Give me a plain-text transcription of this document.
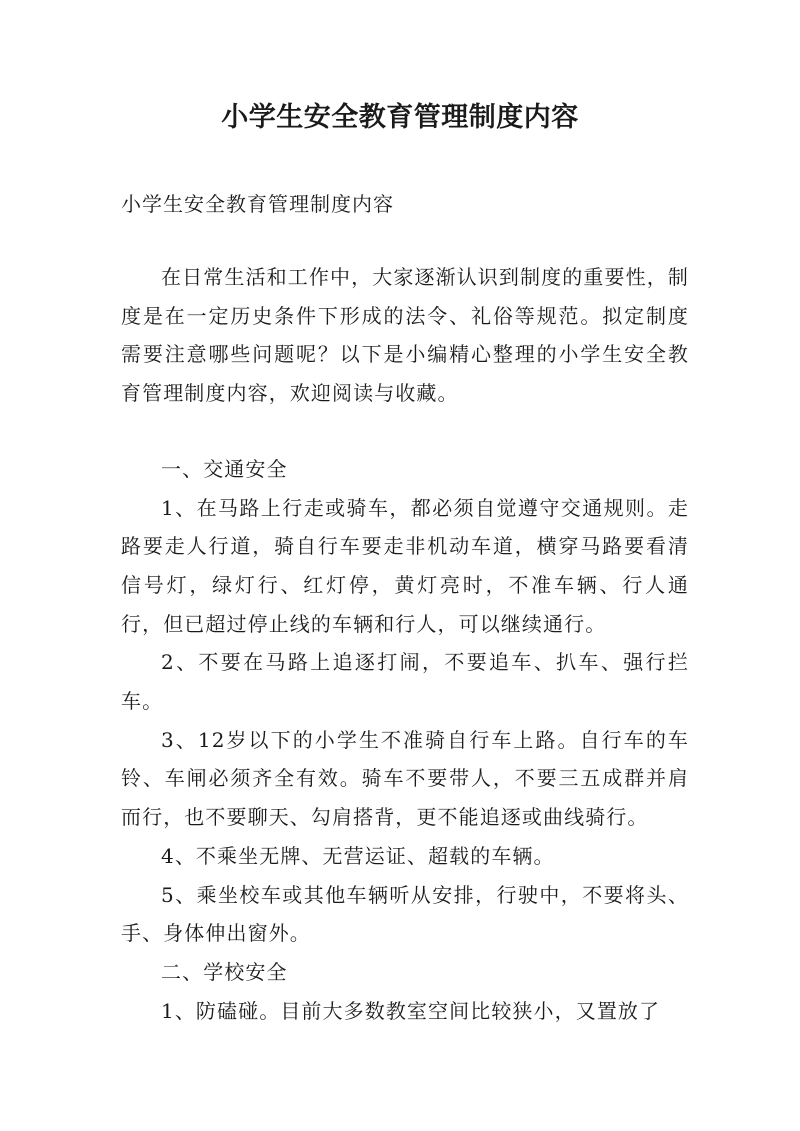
小学生安全教育管理制度内容
小学生安全教育管理制度内容

在日常生活和工作中，大家逐渐认识到制度的重要性，制度是在一定历史条件下形成的法令、礼俗等规范。拟定制度需要注意哪些问题呢？以下是小编精心整理的小学生安全教育管理制度内容，欢迎阅读与收藏。

一、交通安全

1、在马路上行走或骑车，都必须自觉遵守交通规则。走路要走人行道，骑自行车要走非机动车道，横穿马路要看清信号灯，绿灯行、红灯停，黄灯亮时，不准车辆、行人通行，但已超过停止线的车辆和行人，可以继续通行。

2、不要在马路上追逐打闹，不要追车、扒车、强行拦车。

3、12岁以下的小学生不准骑自行车上路。自行车的车铃、车闸必须齐全有效。骑车不要带人，不要三五成群并肩而行，也不要聊天、勾肩搭背，更不能追逐或曲线骑行。

4、不乘坐无牌、无营运证、超载的车辆。

5、乘坐校车或其他车辆听从安排，行驶中，不要将头、手、身体伸出窗外。

二、学校安全

1、防磕碰。目前大多数教室空间比较狭小，又置放了
